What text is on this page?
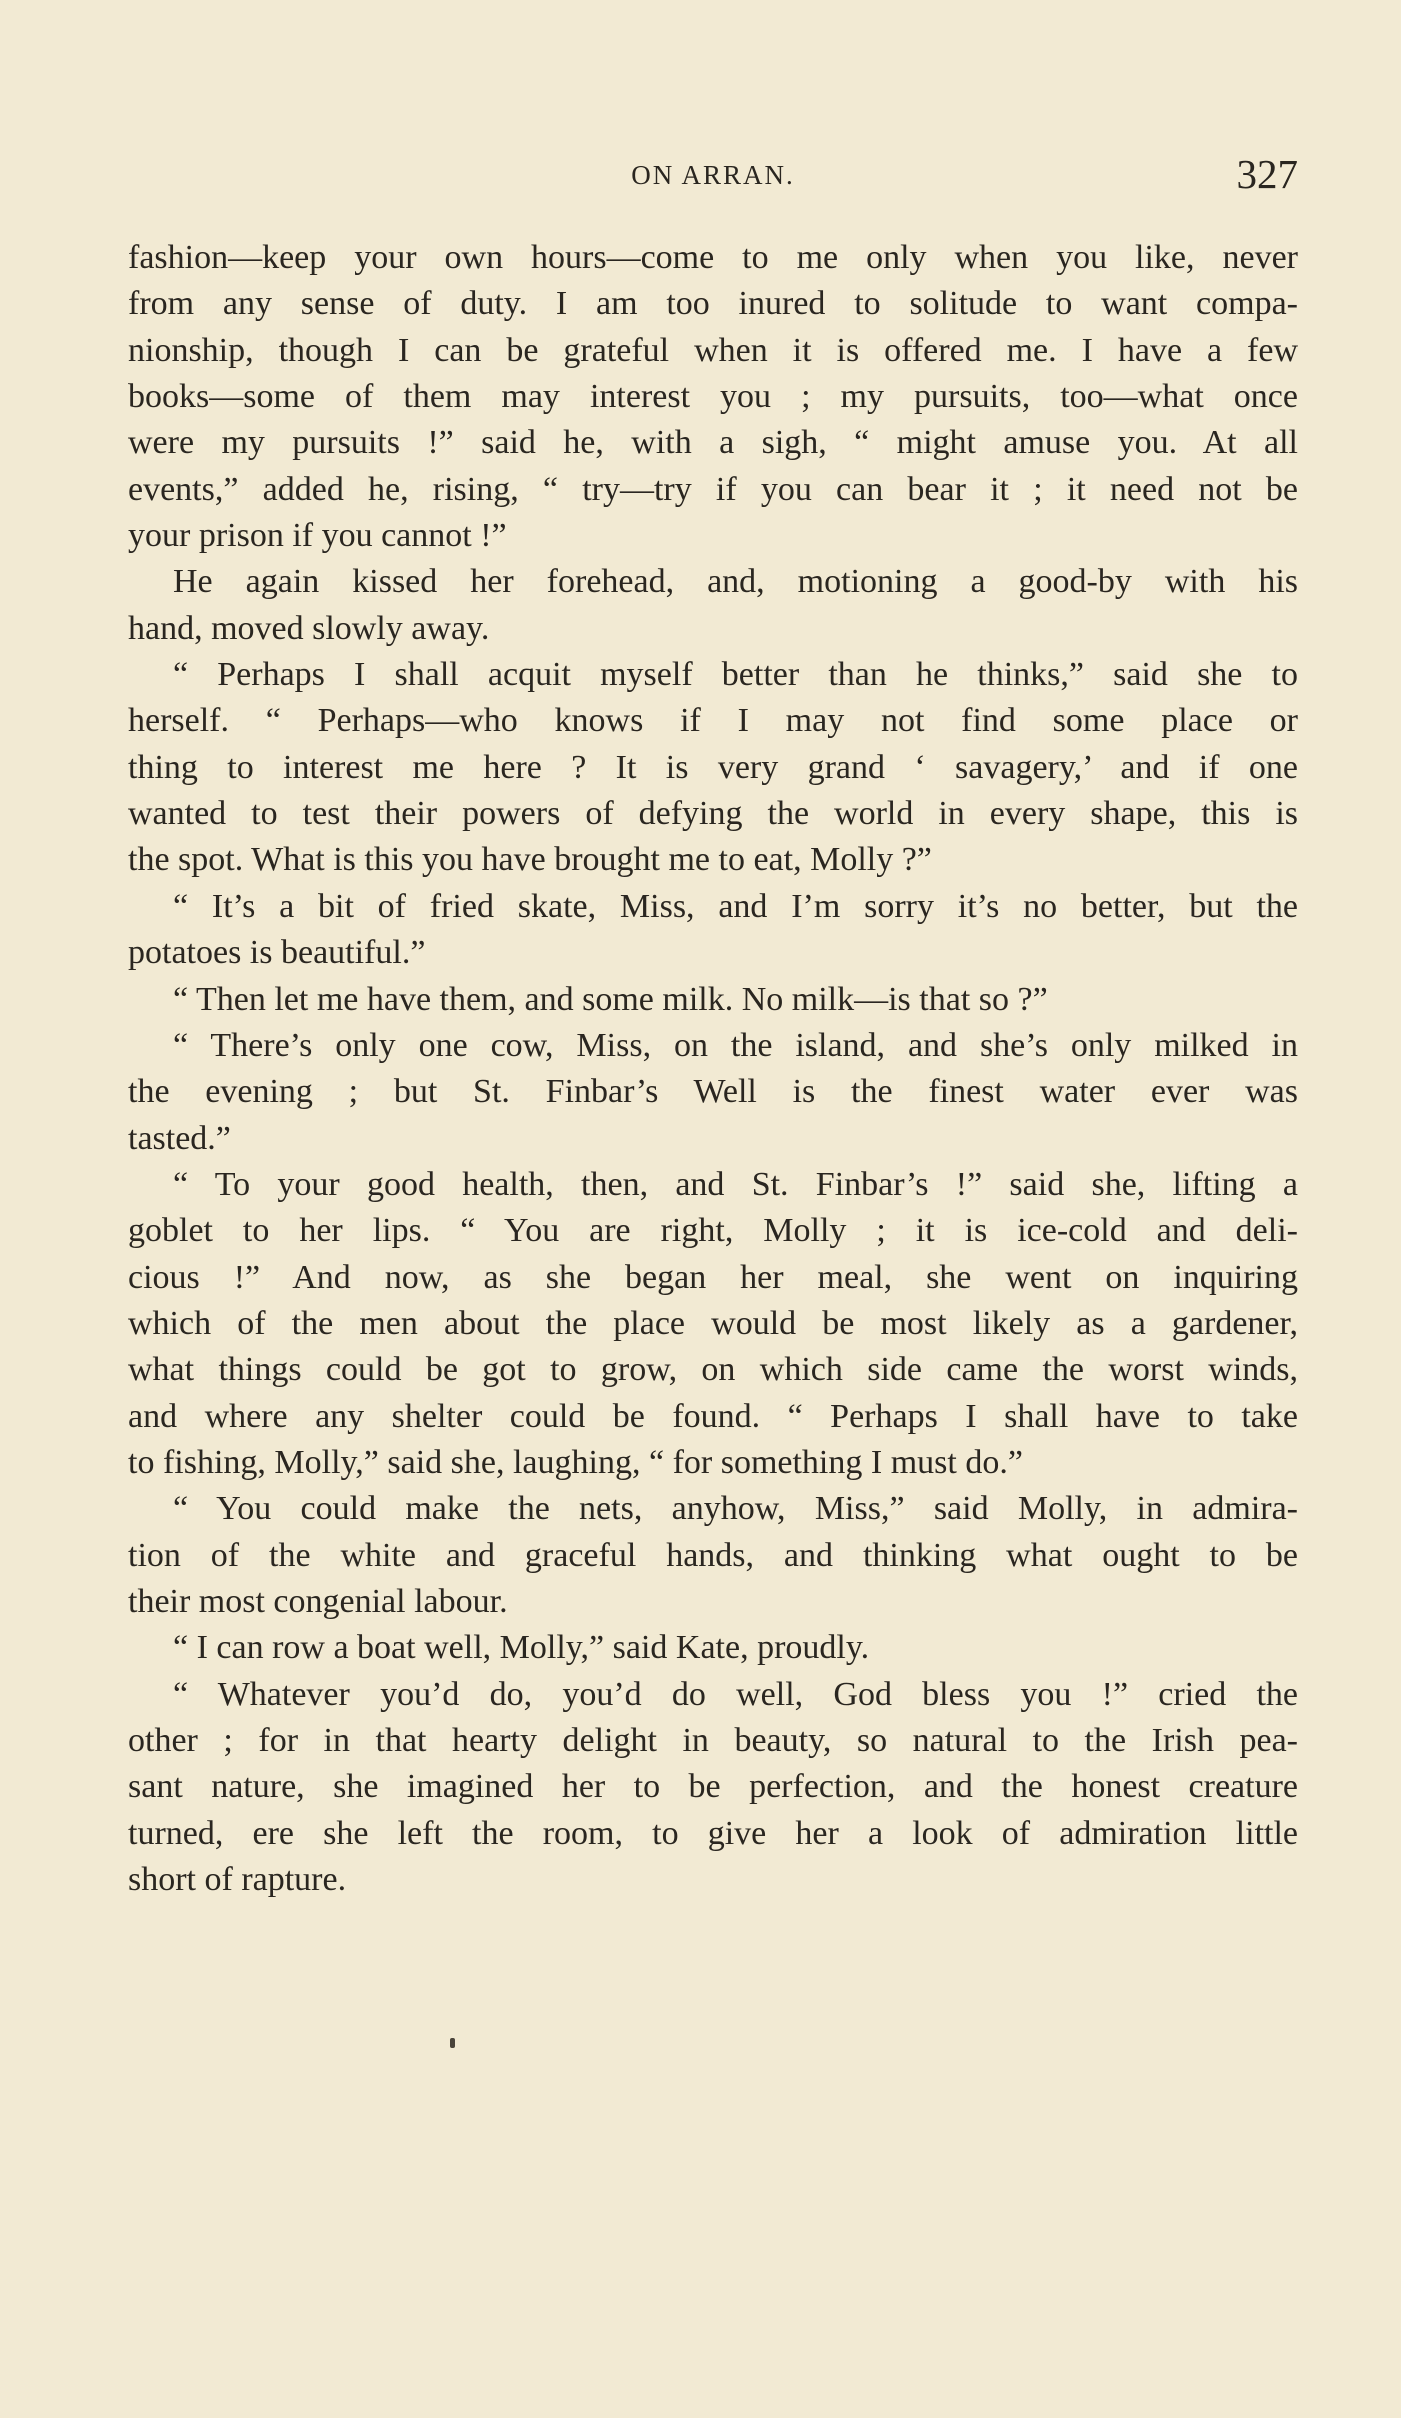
ON ARRAN.	327
fashion—keep your own hours—come to me only when you like, never
from any sense of duty. I am too inured to solitude to want compa-
nionship, though I can be grateful when it is offered me. I have a few
books—some of them may interest you ; my pursuits, too—what once
were my pursuits !” said he, with a sigh, “ might amuse you. At all
events,” added he, rising, “ try—try if you can bear it ; it need not be
your prison if you cannot !”
He again kissed her forehead, and, motioning a good-by with his
hand, moved slowly away.
“ Perhaps I shall acquit myself better than he thinks,” said she to
herself. “ Perhaps—who knows if I may not find some place or
thing to interest me here ? It is very grand ‘ savagery,’ and if one
wanted to test their powers of defying the world in every shape, this is
the spot. What is this you have brought me to eat, Molly ?”
“ It’s a bit of fried skate, Miss, and I’m sorry it’s no better, but the
potatoes is beautiful.”
“ Then let me have them, and some milk. No milk—is that so ?”
“ There’s only one cow, Miss, on the island, and she’s only milked in
the evening ; but St. Finbar’s Well is the finest water ever was
tasted.”
“ To your good health, then, and St. Finbar’s !” said she, lifting a
goblet to her lips. “ You are right, Molly ; it is ice-cold and deli-
cious !” And now, as she began her meal, she went on inquiring
which of the men about the place would be most likely as a gardener,
what things could be got to grow, on which side came the worst winds,
and where any shelter could be found. “ Perhaps I shall have to take
to fishing, Molly,” said she, laughing, “ for something I must do.”
“ You could make the nets, anyhow, Miss,” said Molly, in admira-
tion of the white and graceful hands, and thinking what ought to be
their most congenial labour.
“ I can row a boat well, Molly,” said Kate, proudly.
“ Whatever you’d do, you’d do well, God bless you !” cried the
other ; for in that hearty delight in beauty, so natural to the Irish pea-
sant nature, she imagined her to be perfection, and the honest creature
turned, ere she left the room, to give her a look of admiration little
short of rapture.
